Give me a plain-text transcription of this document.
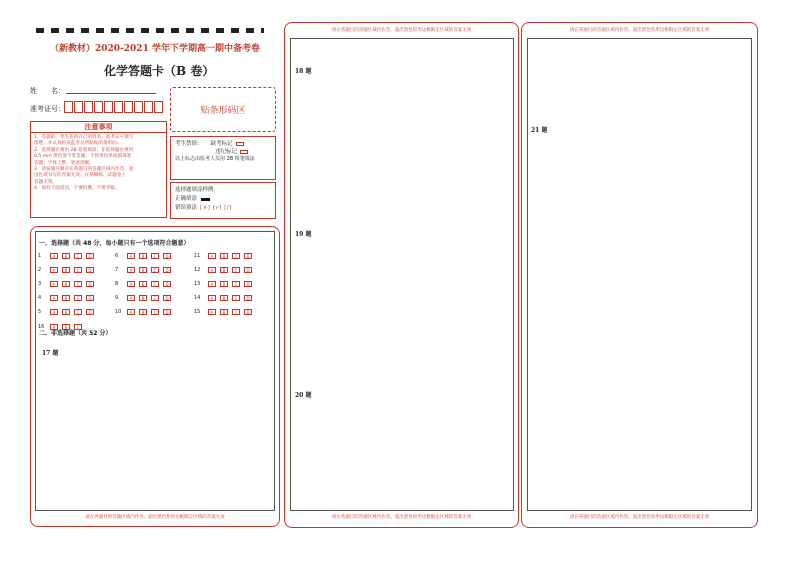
（新教材）2020-2021 学年下学期高一期中备考卷
化学答题卡（B 卷）
姓　　名：
准考证号：	贴条形码区
注意事项
1．答题前，考生先将自己的姓名、准考证号填写
清楚，并认真检查监考员所粘贴的条形码；
2．选择题必须用 2B 铅笔填涂；非选择题必须用
0.5 mm 黑色签字笔答题，不得用铅笔或圆珠笔
答题；字体工整、笔迹清晰。
3．请按题号顺序在各题目的答题区域内作答，超
出区域书写的答案无效；在草稿纸、试题卷上
答题无效。
4．保持卡面清洁，不要折叠、不要弄破。
考生禁填： 缺考标记
违纪标记
以上标志由监考人员用 2B 铅笔填涂
选择题填涂样例：
正确填涂
错误填涂 [×] [√] [/]
一、选择题（共 48 分，每小题只有一个选项符合题意）
1	A	B	C	D
2	A	B	C	D
3	A	B	C	D
4	A	B	C	D
5	A	B	C	D
16	A	B	C
6	A	B	C	D
7	A	B	C	D
8	A	B	C	D
9	A	B	C	D
10	A	B	C	D
11	A	B	C	D
12	A	B	C	D
13	A	B	C	D
14	A	B	C	D
15	A	B	C	D
二、非选择题（共 52 分）
17 题
请在各题目的答题区域内作答，超出黑色矩形边框限定区域的答案无效
请在各题目的答题区域内作答，超出黑色矩形边框限定区域的答案无效
18 题
19 题
20 题
请在各题目的答题区域内作答，超出黑色矩形边框限定区域的答案无效
请在各题目的答题区域内作答，超出黑色矩形边框限定区域的答案无效
21 题
请在各题目的答题区域内作答，超出黑色矩形边框限定区域的答案无效
